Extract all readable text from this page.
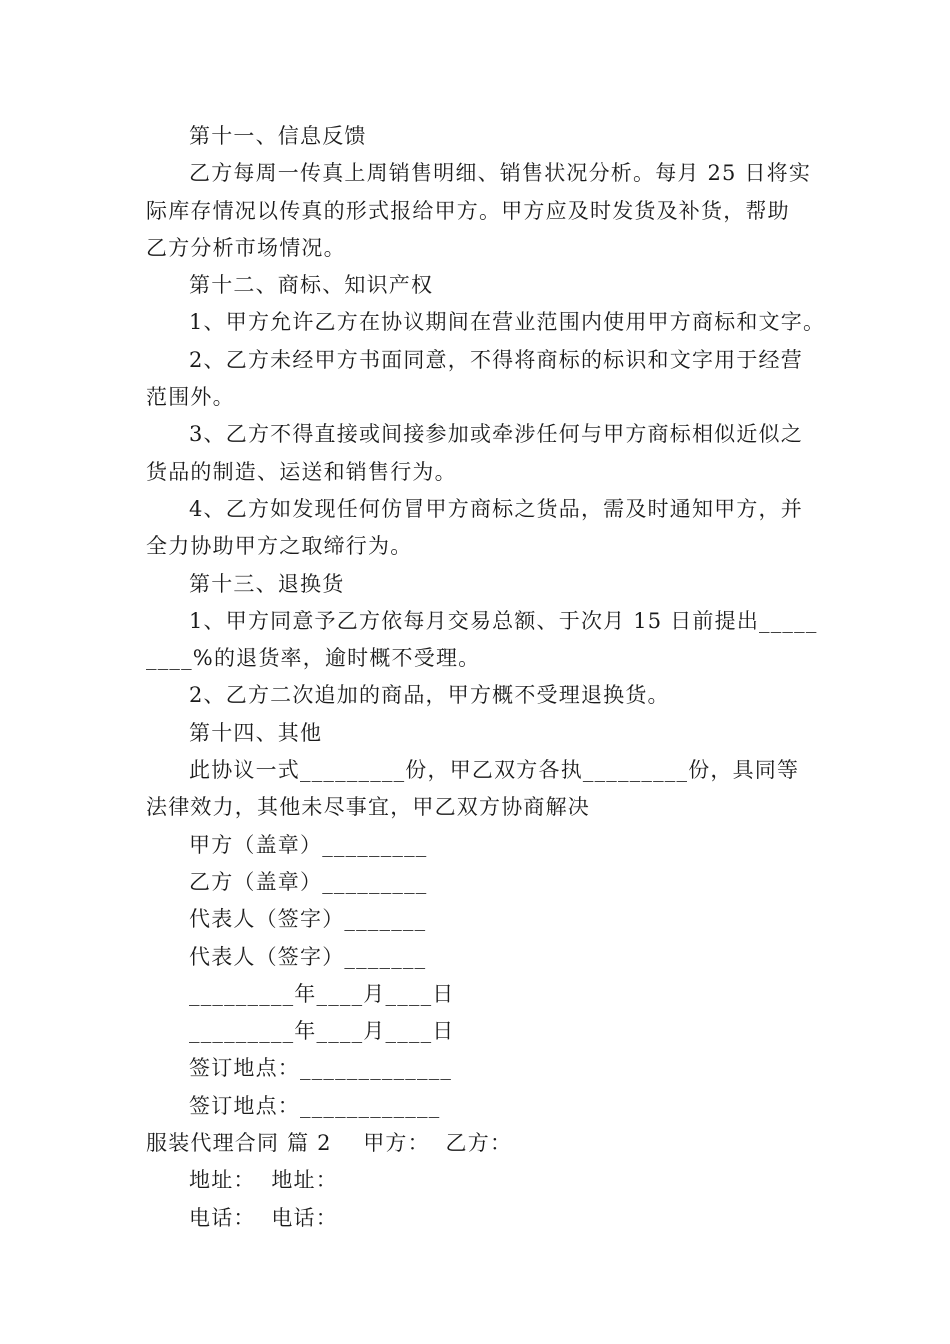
第十一、信息反馈
乙方每周一传真上周销售明细、销售状况分析。每月 25 日将实
际库存情况以传真的形式报给甲方。甲方应及时发货及补货，帮助
乙方分析市场情况。
第十二、商标、知识产权
1、甲方允许乙方在协议期间在营业范围内使用甲方商标和文字。
2、乙方未经甲方书面同意，不得将商标的标识和文字用于经营
范围外。
3、乙方不得直接或间接参加或牵涉任何与甲方商标相似近似之
货品的制造、运送和销售行为。
4、乙方如发现任何仿冒甲方商标之货品，需及时通知甲方，并
全力协助甲方之取缔行为。
第十三、退换货
1、甲方同意予乙方依每月交易总额、于次月 15 日前提出_____
____%的退货率，逾时概不受理。
2、乙方二次追加的商品，甲方概不受理退换货。
第十四、其他
此协议一式_________份，甲乙双方各执_________份，具同等
法律效力，其他未尽事宜，甲乙双方协商解决
甲方（盖章）_________
乙方（盖章）_________
代表人（签字）_______
代表人（签字）_______
_________年____月____日
_________年____月____日
签订地点：_____________
签订地点：____________
服装代理合同 篇 2    甲方：  乙方：
地址：  地址：
电话：  电话：
